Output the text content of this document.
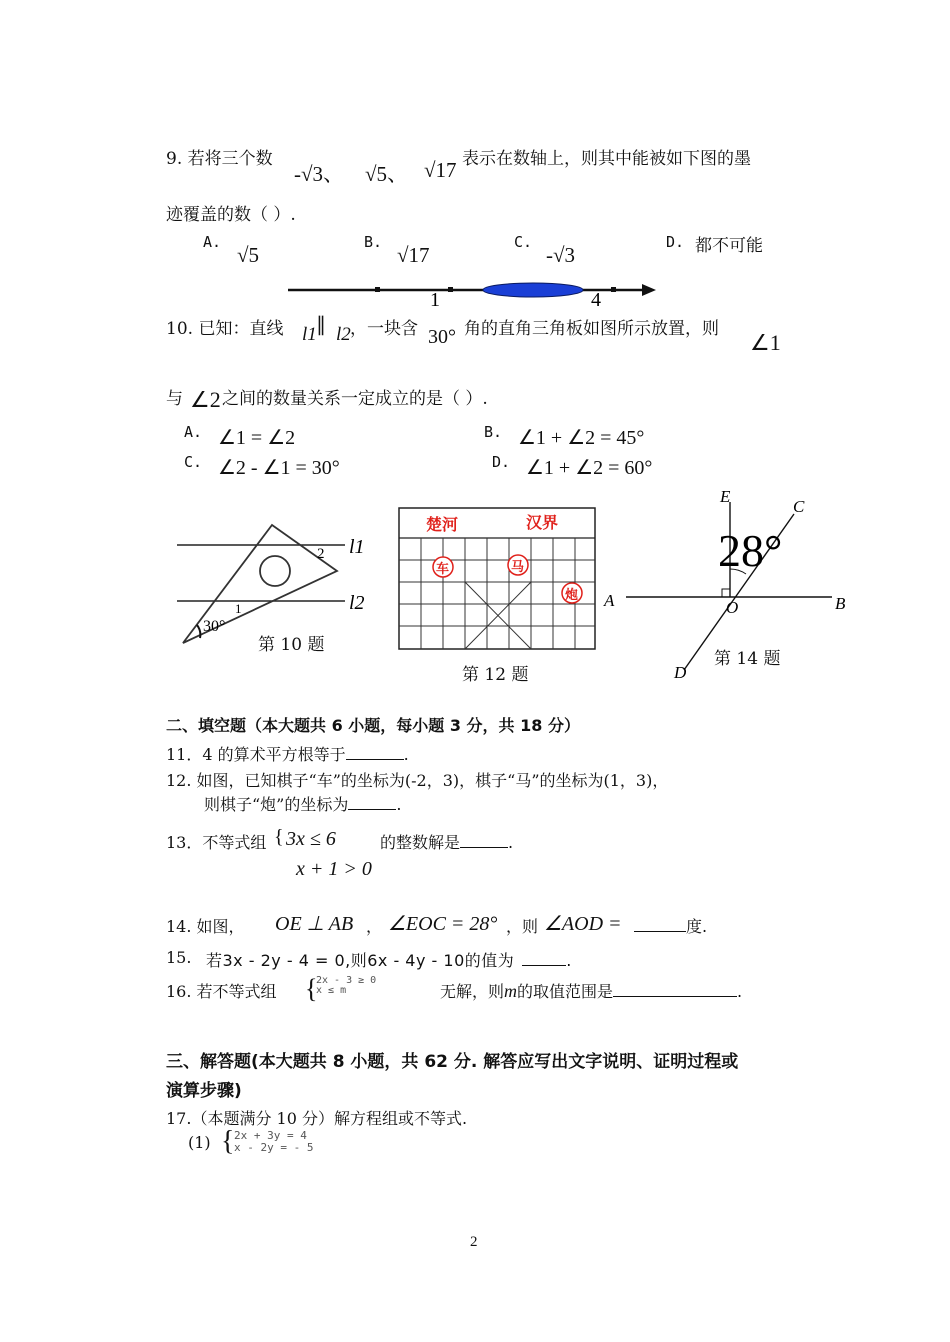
9. 若将三个数
-√3、 √5、 √17 表示在数轴上，则其中能被如下图的墨
迹覆盖的数（ ）.
A.
√5
B.
√17
C.
-√3
D. 都不可能
1	4
10. 已知：直线 l1 ∥ l2 ，一块含 30° 角的直角三角板如图所示放置，则
∠1
与 ∠2 之间的数量关系一定成立的是（ ）.
A. ∠1 = ∠2	B. ∠1 + ∠2 = 45°
C. ∠2 - ∠1 = 30°	D. ∠1 + ∠2 = 60°
30°
1
2 l1
l2
第 10 题
楚河	汉界
车	马
炮
第 12 题
E
C
A	O	B
D
28°
第 14 题
二、填空题（本大题共 6 小题，每小题 3 分，共 18 分）
11．4 的算术平方根等于	.
12. 如图，已知棋子“车”的坐标为(-2，3)，棋子“马”的坐标为(1，3)，
则棋子“炮”的坐标为	.
13．不等式组 { 3x ≤ 6	的整数解是	.
x + 1 > 0
14. 如图， OE ⊥ AB ， ∠EOC = 28° ，则 ∠AOD =	度.
15. 若3x - 2y - 4 = 0,则6x - 4y - 10的值为	.
16. 若不等式组 {
2x - 3 ≥ 0
x ≤ m	无解，则m的取值范围是	.
三、解答题(本大题共 8 小题，共 62 分. 解答应写出文字说明、证明过程或
演算步骤)
17.（本题满分 10 分）解方程组或不等式.
(1) { 2x + 3y = 4
x - 2y = - 5
2
